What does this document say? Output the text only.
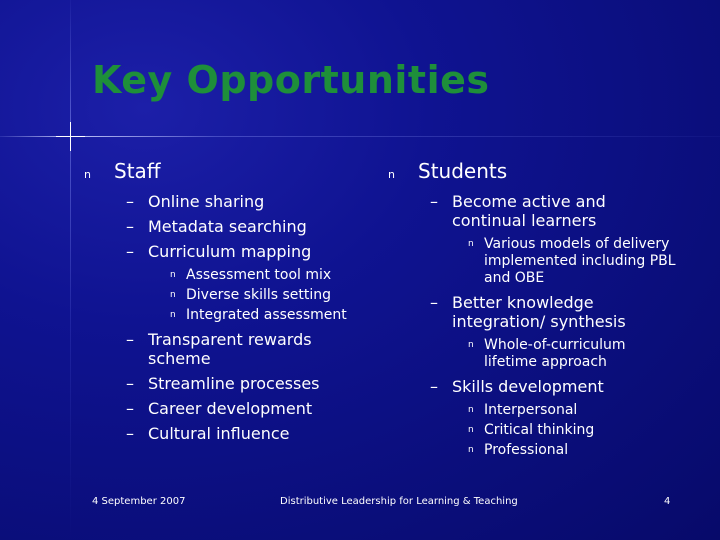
Key Opportunities
n	Staff
– Online sharing
– Metadata searching
– Curriculum mapping
n Assessment tool mix
n Diverse skills setting
n Integrated assessment
– Transparent rewards scheme
– Streamline processes
– Career development
– Cultural influence
n	Students
– Become active and continual learners
n Various models of delivery implemented including PBL and OBE
– Better knowledge integration/ synthesis
n Whole-of-curriculum lifetime approach
– Skills development
n Interpersonal
n Critical thinking
n Professional
4 September 2007	Distributive Leadership for Learning & Teaching	4
